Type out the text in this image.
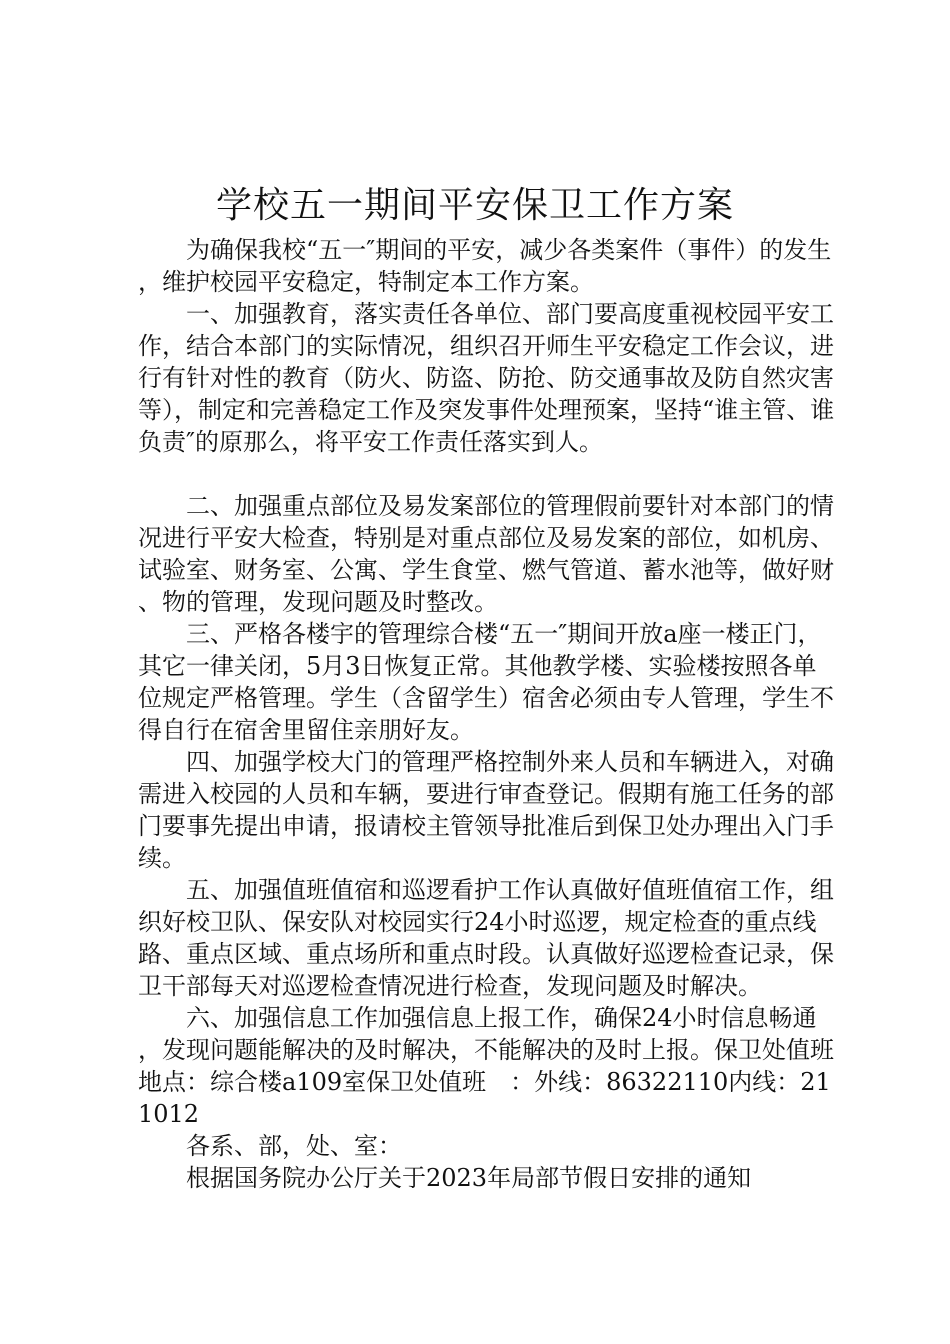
学校五一期间平安保卫工作方案

为确保我校“五一″期间的平安，减少各类案件（事件）的发生，维护校园平安稳定，特制定本工作方案。

一、加强教育，落实责任各单位、部门要高度重视校园平安工作，结合本部门的实际情况，组织召开师生平安稳定工作会议，进行有针对性的教育（防火、防盗、防抢、防交通事故及防自然灾害等），制定和完善稳定工作及突发事件处理预案，坚持“谁主管、谁负责″的原那么，将平安工作责任落实到人。

二、加强重点部位及易发案部位的管理假前要针对本部门的情况进行平安大检查，特别是对重点部位及易发案的部位，如机房、试验室、财务室、公寓、学生食堂、燃气管道、蓄水池等，做好财、物的管理，发现问题及时整改。

三、严格各楼宇的管理综合楼“五一″期间开放a座一楼正门，其它一律关闭，5月3日恢复正常。其他教学楼、实验楼按照各单位规定严格管理。学生（含留学生）宿舍必须由专人管理，学生不得自行在宿舍里留住亲朋好友。

四、加强学校大门的管理严格控制外来人员和车辆进入，对确需进入校园的人员和车辆，要进行审查登记。假期有施工任务的部门要事先提出申请，报请校主管领导批准后到保卫处办理出入门手续。

五、加强值班值宿和巡逻看护工作认真做好值班值宿工作，组织好校卫队、保安队对校园实行24小时巡逻，规定检查的重点线路、重点区域、重点场所和重点时段。认真做好巡逻检查记录，保卫干部每天对巡逻检查情况进行检查，发现问题及时解决。

六、加强信息工作加强信息上报工作，确保24小时信息畅通，发现问题能解决的及时解决，不能解决的及时上报。保卫处值班地点：综合楼a109室保卫处值班　：外线：86322110内线：211012

各系、部，处、室：

根据国务院办公厅关于2023年局部节假日安排的通知
